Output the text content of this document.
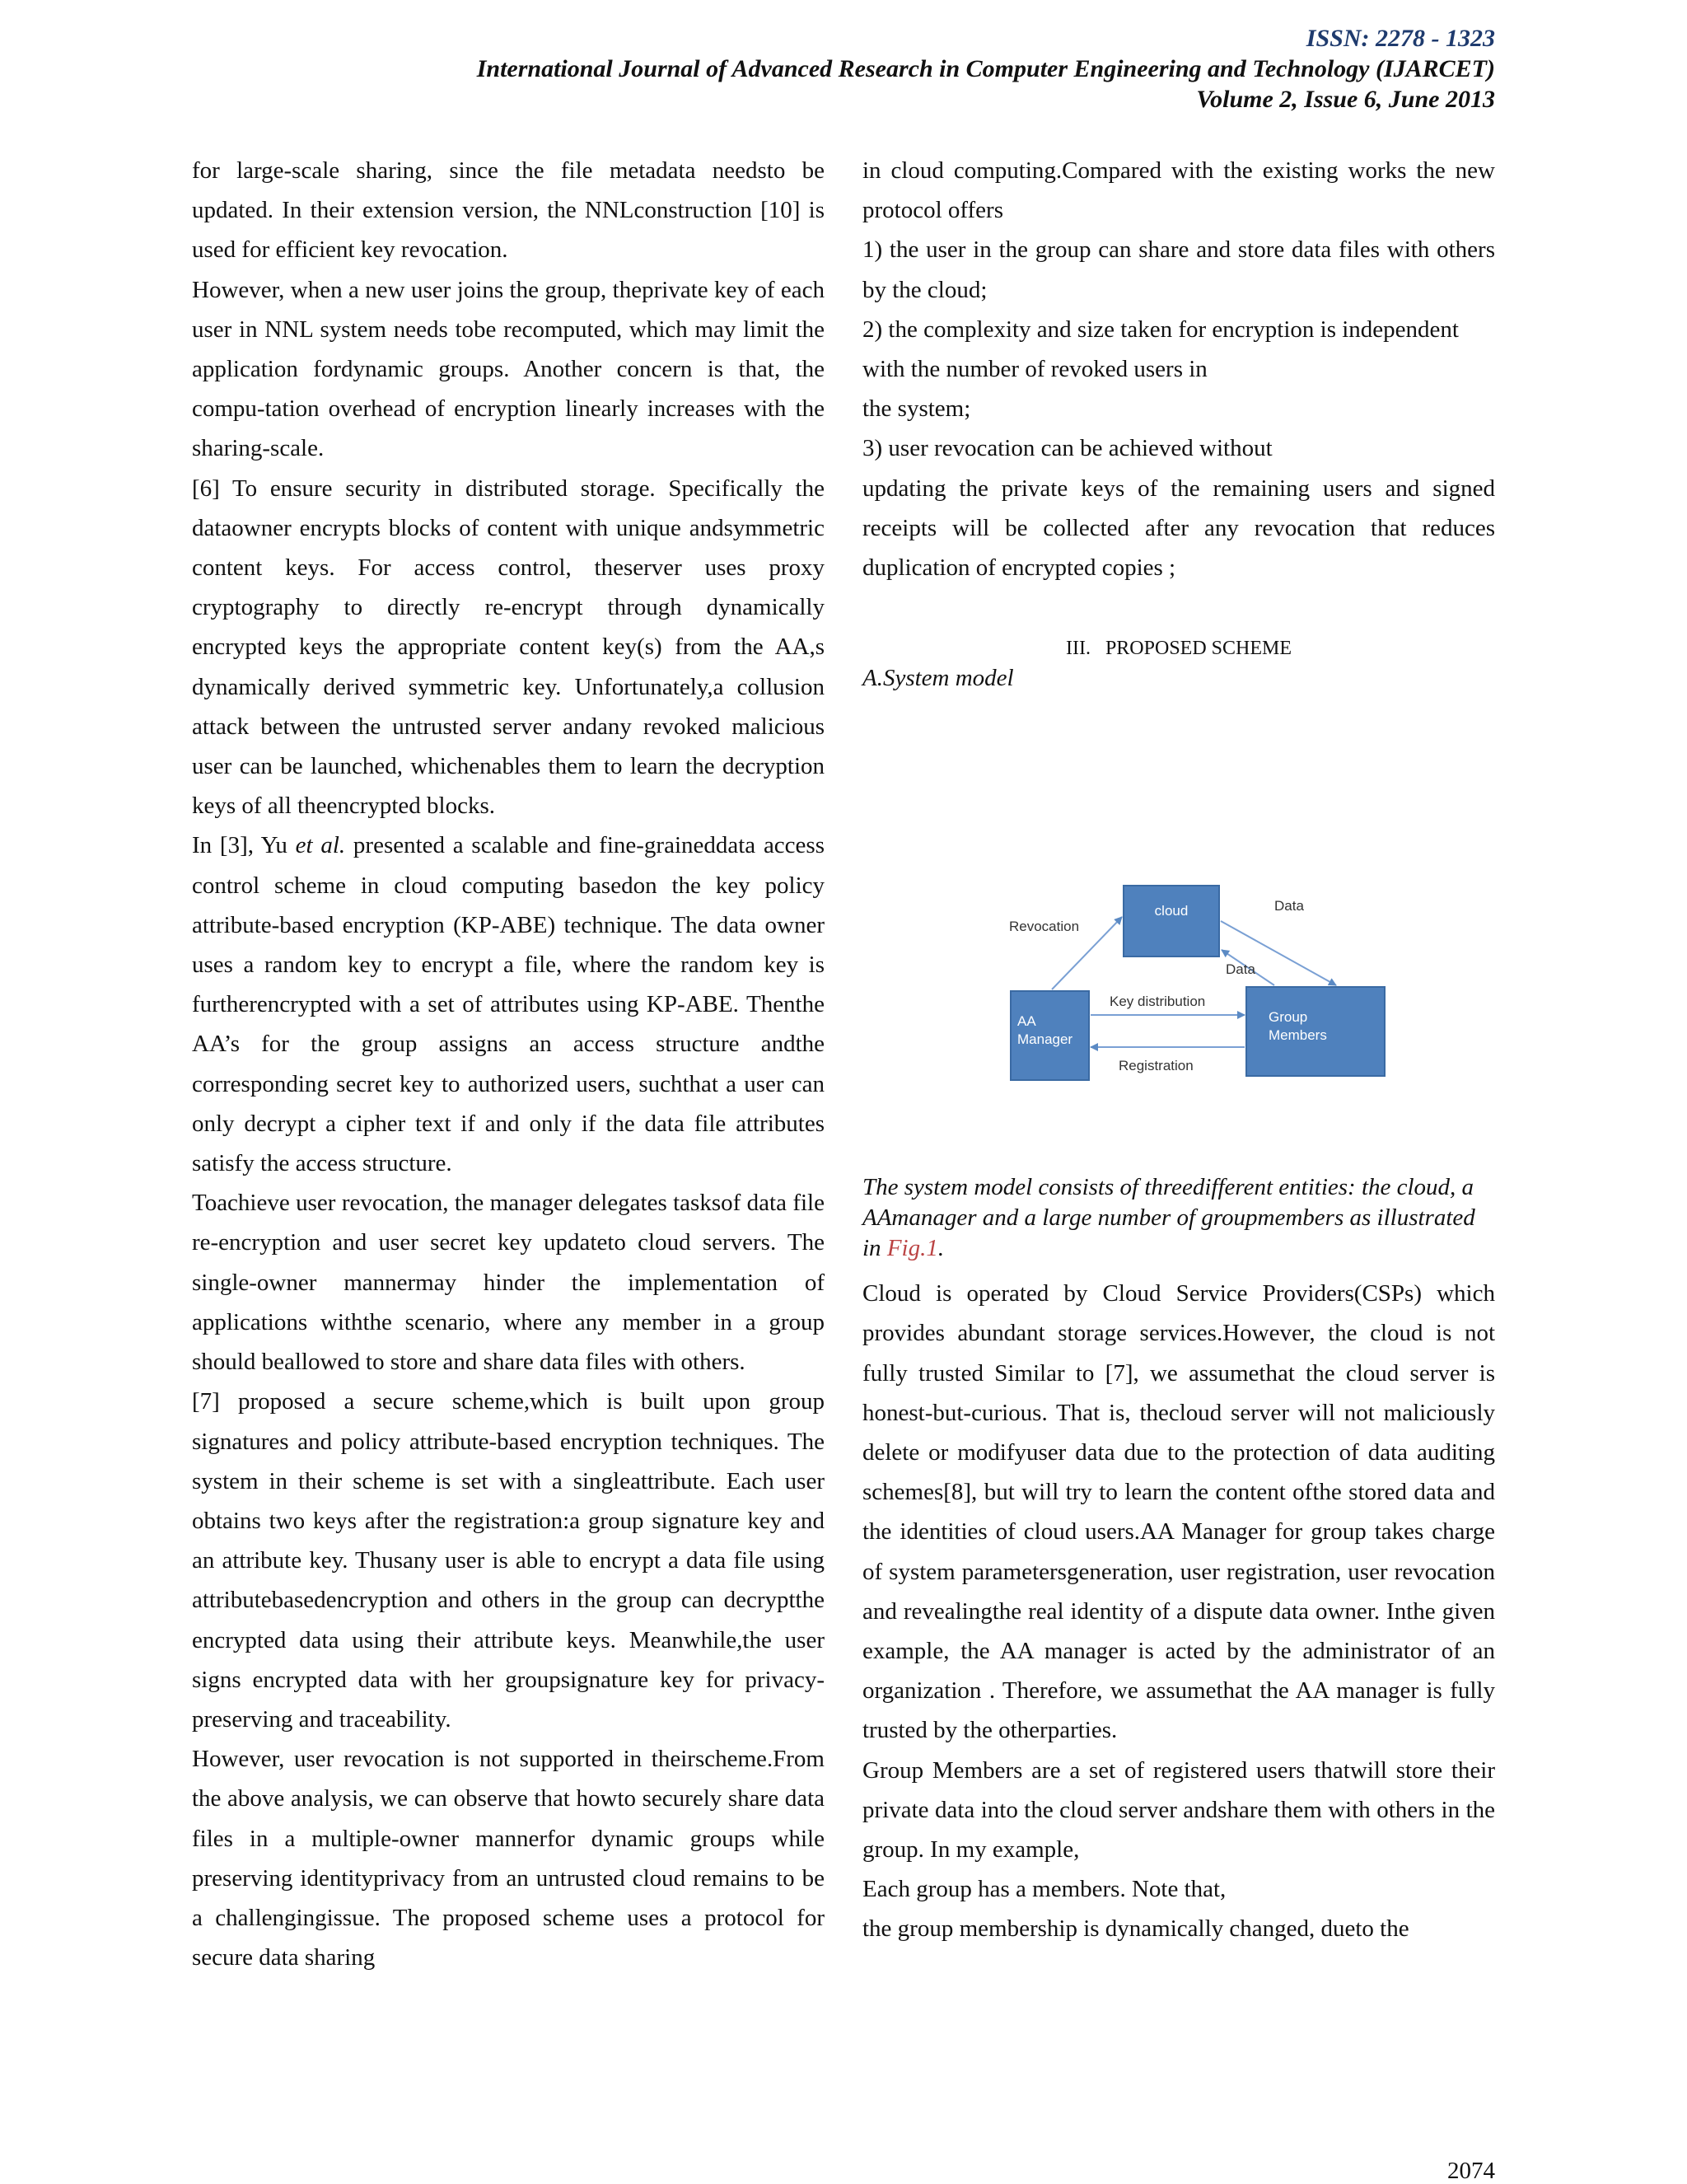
ISSN: 2278 - 1323
International Journal of Advanced Research in Computer Engineering and Technology (IJARCET)
Volume 2, Issue 6, June 2013

for large-scale sharing, since the file metadata needsto be updated. In their extension version, the NNLconstruction [10] is used for efficient key revocation.

However, when a new user joins the group, theprivate key of each user in NNL system needs tobe recomputed, which may limit the application fordynamic groups. Another concern is that, the compu-tation overhead of encryption linearly increases with the sharing-scale.

[6] To ensure security in distributed storage. Specifically the dataowner encrypts blocks of content with unique andsymmetric content keys. For access control, theserver uses proxy cryptography to directly re-encrypt through dynamically encrypted keys the appropriate content key(s) from the AA,s dynamically derived symmetric key. Unfortunately,a collusion attack between the untrusted server andany revoked malicious user can be launched, whichenables them to learn the decryption keys of all theencrypted blocks.

In [3], Yu et al. presented a scalable and fine-graineddata access control scheme in cloud computing basedon the key policy attribute-based encryption (KP-ABE) technique. The data owner uses a random key to encrypt a file, where the random key is furtherencrypted with a set of attributes using KP-ABE. Thenthe AA’s for the group assigns an access structure andthe corresponding secret key to authorized users, suchthat a user can only decrypt a cipher text if and only if the data file attributes satisfy the access structure.

Toachieve user revocation, the manager delegates tasksof data file re-encryption and user secret key updateto cloud servers. The single-owner mannermay hinder the implementation of applications withthe scenario, where any member in a group should beallowed to store and share data files with others.

[7] proposed a secure scheme,which is built upon group signatures and policy attribute-based encryption techniques. The system in their scheme is set with a singleattribute. Each user obtains two keys after the registration:a group signature key and an attribute key. Thusany user is able to encrypt a data file using attributebasedencryption and others in the group can decryptthe encrypted data using their attribute keys. Meanwhile,the user signs encrypted data with her groupsignature key for privacy-preserving and traceability.

However, user revocation is not supported in theirscheme.From the above analysis, we can observe that howto securely share data files in a multiple-owner mannerfor dynamic groups while preserving identityprivacy from an untrusted cloud remains to be a challengingissue. The proposed scheme uses a protocol for secure data sharing

in cloud computing.Compared with the existing works the new protocol offers

1) the user in the group can share and store data files with others by the cloud;

2) the complexity and size taken for encryption is independent with the number of revoked users in

the system;

3) user revocation can be achieved without

updating the private keys of the remaining users and signed receipts will be collected after any revocation that reduces duplication of encrypted copies ;

III. PROPOSED SCHEME
A.System model
cloud
AA
Manager
Group
Members
Revocation
Data
Data
Key distribution
Registration

The system model consists of threedifferent entities: the cloud, a AAmanager and a large number of groupmembers as illustrated in Fig.1.

Cloud is operated by Cloud Service Providers(CSPs) which provides abundant storage services.However, the cloud is not fully trusted Similar to [7], we assumethat the cloud server is honest-but-curious. That is, thecloud server will not maliciously delete or modifyuser data due to the protection of data auditing schemes[8], but will try to learn the content ofthe stored data and the identities of cloud users.AA Manager for group takes charge of system parametersgeneration, user registration, user revocation and revealingthe real identity of a dispute data owner. Inthe given example, the AA manager is acted by the administrator of an organization . Therefore, we assumethat the AA manager is fully trusted by the otherparties.

Group Members are a set of registered users thatwill store their private data into the cloud server andshare them with others in the group. In my example,

Each group has a members. Note that,

the group membership is dynamically changed, dueto the

2074
